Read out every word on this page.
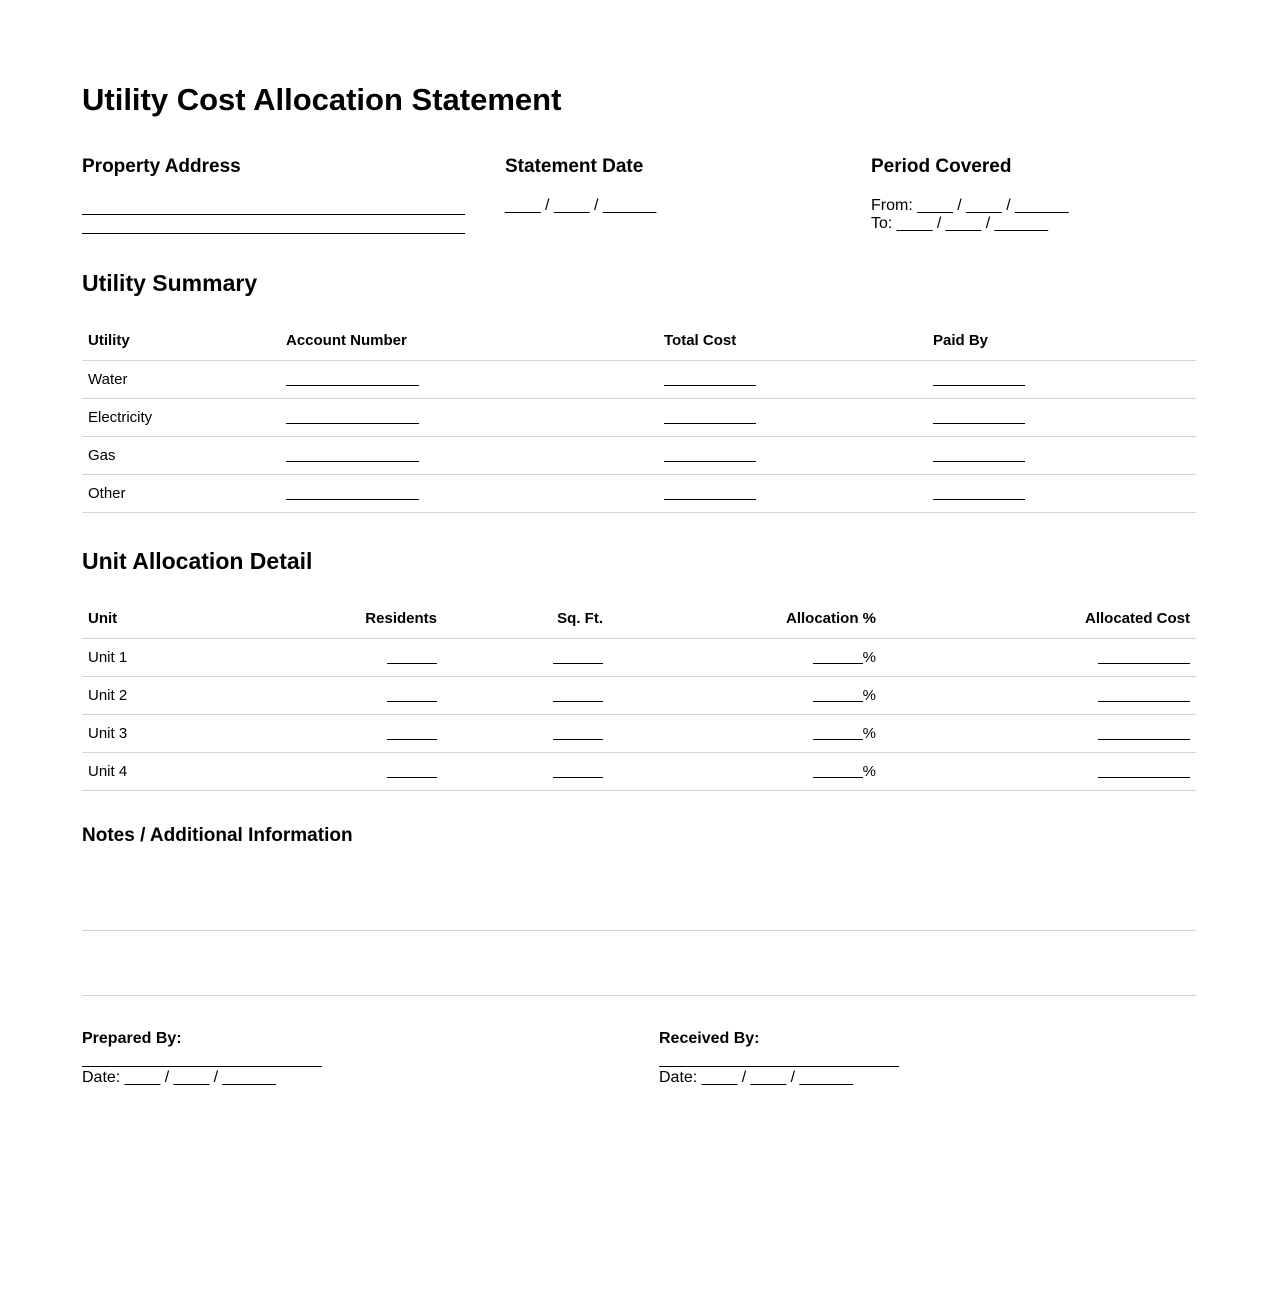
Utility Cost Allocation Statement
Property Address	Statement Date
____ / ____ / ______
Period Covered
From: ____ / ____ / ______
To: ____ / ____ / ______
Utility Summary
Utility	Account Number	Total Cost	Paid By
Water			
Electricity			
Gas			
Other			
Unit Allocation Detail
Unit	Residents	Sq. Ft.	Allocation %	Allocated Cost
Unit 1			%	
Unit 2			%	
Unit 3			%	
Unit 4			%	
Notes / Additional Information
Prepared By:
Date: ____ / ____ / ______
Received By:
Date: ____ / ____ / ______
